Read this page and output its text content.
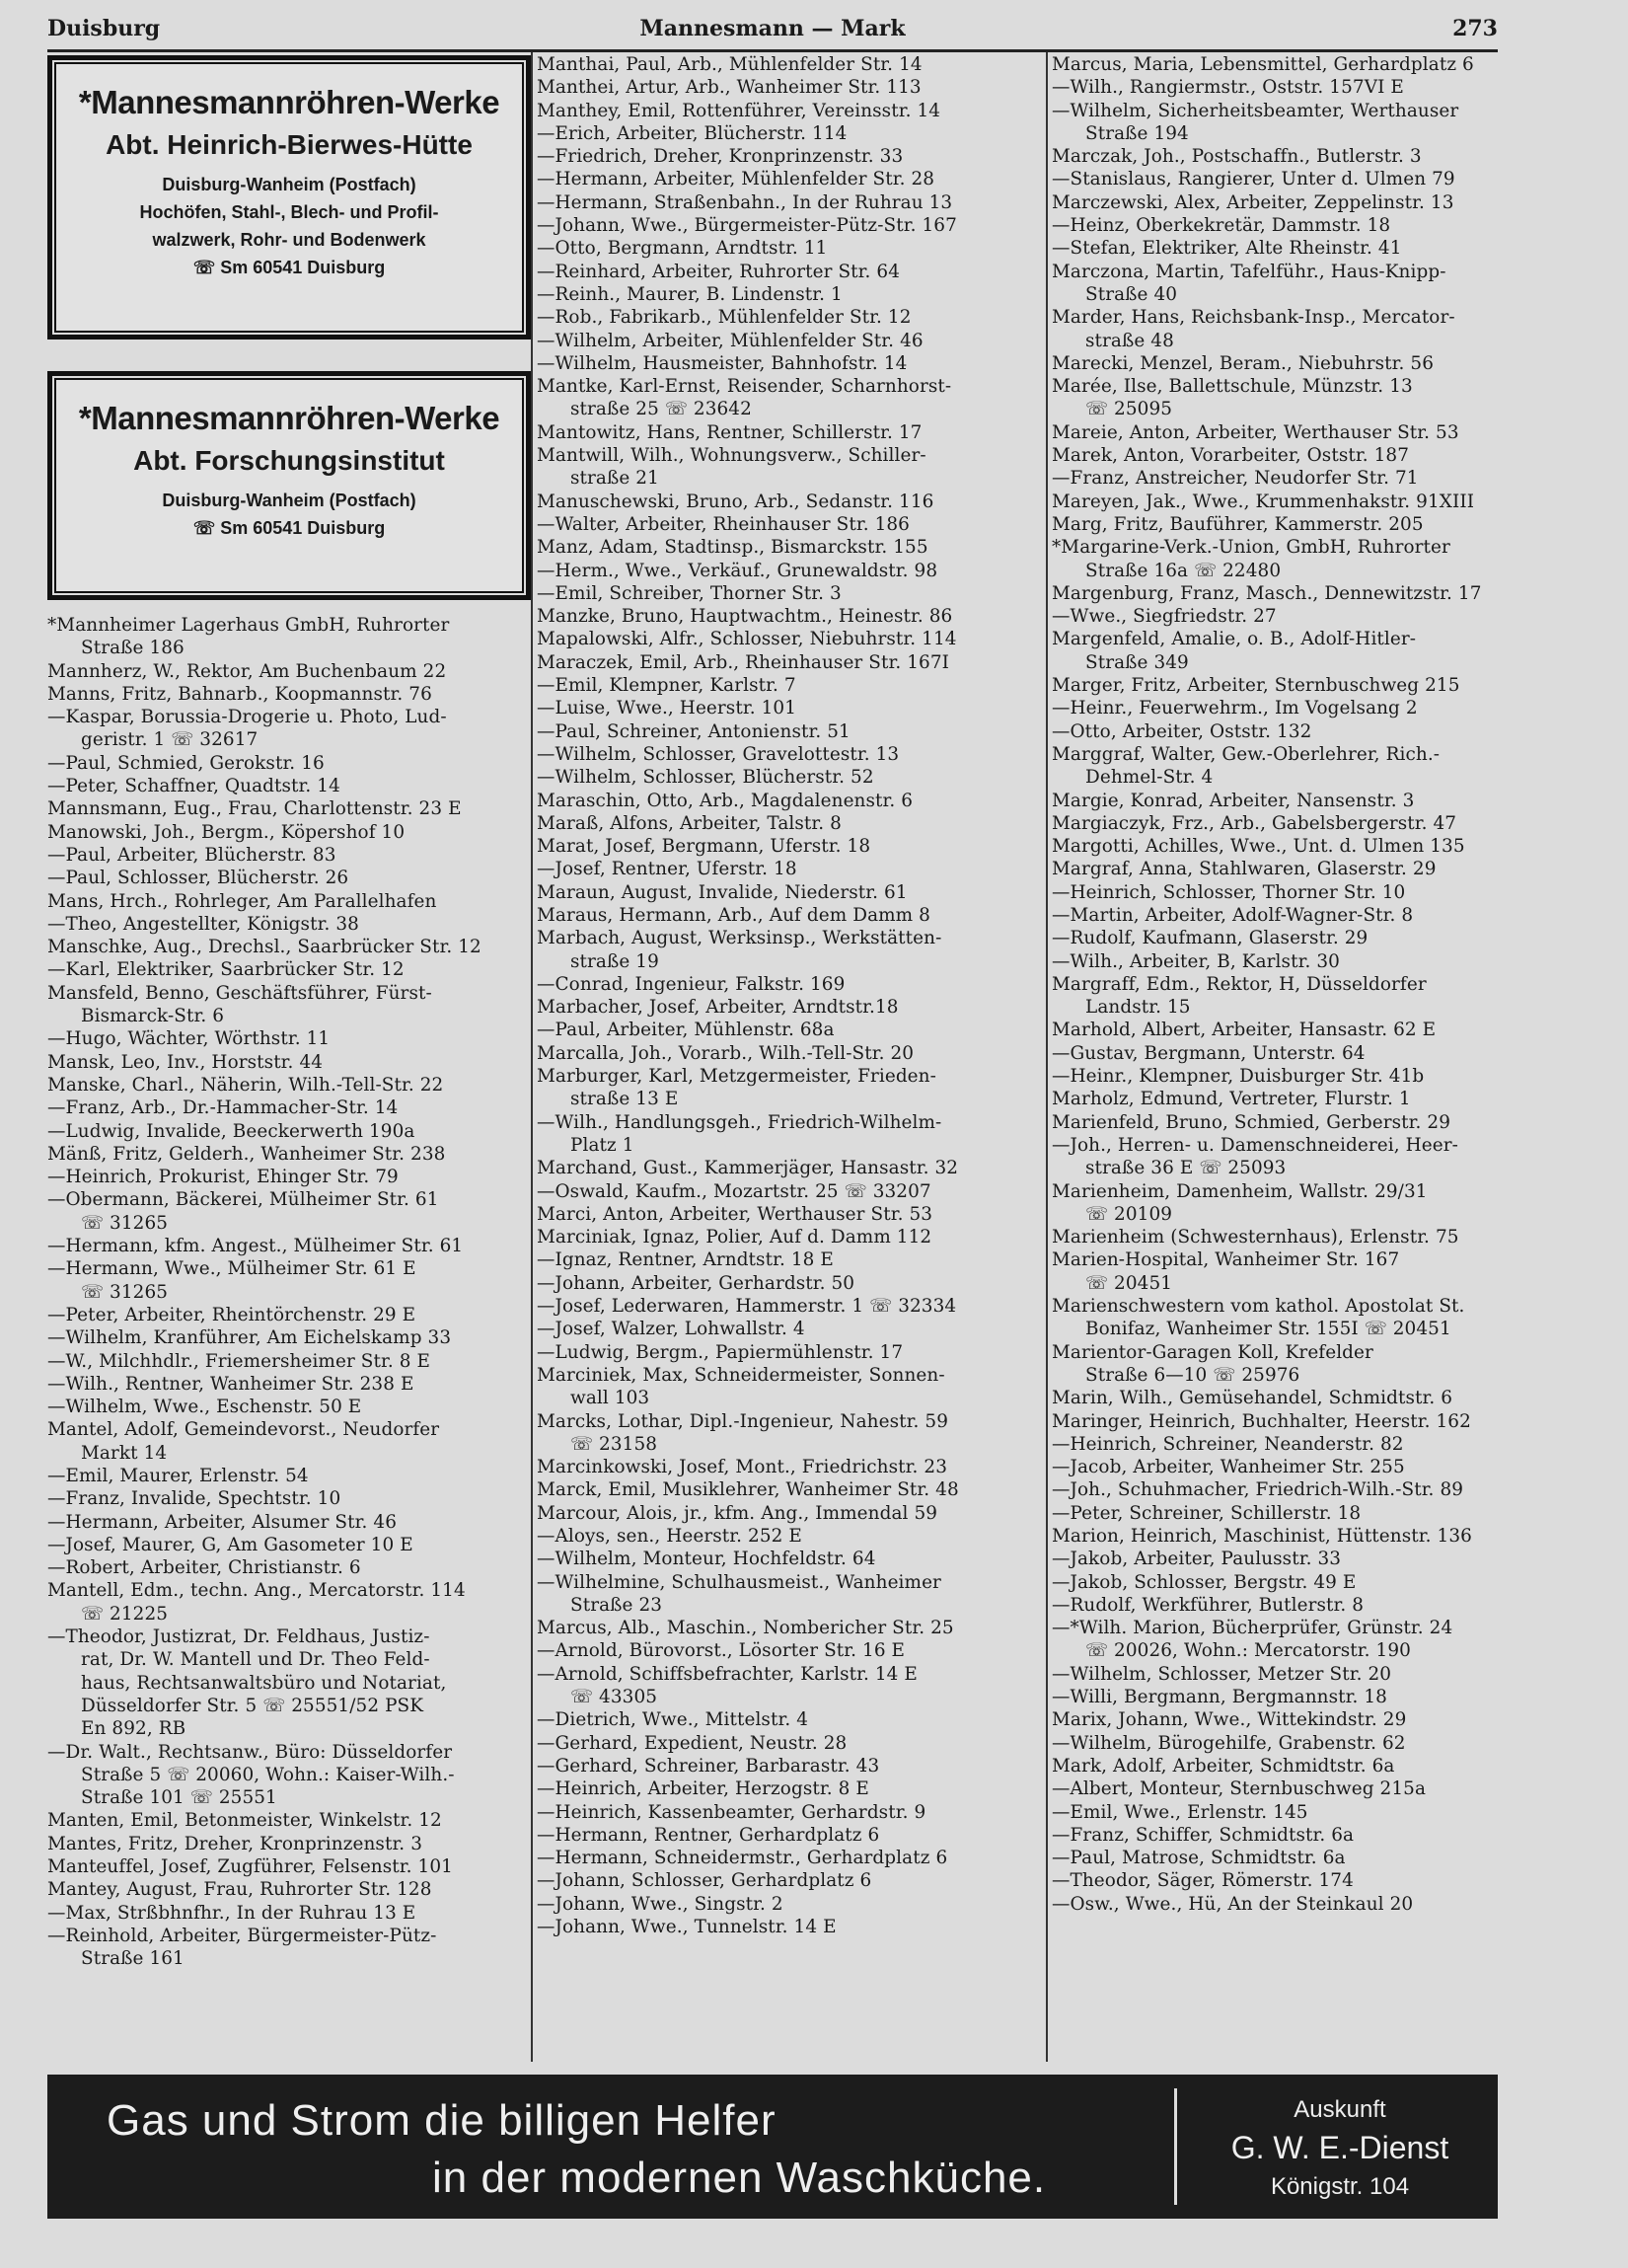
Duisburg	Mannesmann — Mark	273
*Mannesmannröhren-Werke
Abt. Heinrich-Bierwes-Hütte
Duisburg-Wanheim (Postfach)
Hochöfen, Stahl-, Blech- und Profil-
walzwerk, Rohr- und Bodenwerk
☏ Sm 60541 Duisburg
*Mannesmannröhren-Werke
Abt. Forschungsinstitut
Duisburg-Wanheim (Postfach)
☏ Sm 60541 Duisburg

*Mannheimer Lagerhaus GmbH, Ruhrorter

Straße 186

Mannherz, W., Rektor, Am Buchenbaum 22

Manns, Fritz, Bahnarb., Koopmannstr. 76

—Kaspar, Borussia-Drogerie u. Photo, Lud-

geristr. 1 ☏ 32617

—Paul, Schmied, Gerokstr. 16

—Peter, Schaffner, Quadtstr. 14

Mannsmann, Eug., Frau, Charlottenstr. 23 E

Manowski, Joh., Bergm., Köpershof 10

—Paul, Arbeiter, Blücherstr. 83

—Paul, Schlosser, Blücherstr. 26

Mans, Hrch., Rohrleger, Am Parallelhafen

—Theo, Angestellter, Königstr. 38

Manschke, Aug., Drechsl., Saarbrücker Str. 12

—Karl, Elektriker, Saarbrücker Str. 12

Mansfeld, Benno, Geschäftsführer, Fürst-

Bismarck-Str. 6

—Hugo, Wächter, Wörthstr. 11

Mansk, Leo, Inv., Horststr. 44

Manske, Charl., Näherin, Wilh.-Tell-Str. 22

—Franz, Arb., Dr.-Hammacher-Str. 14

—Ludwig, Invalide, Beeckerwerth 190a

Mänß, Fritz, Gelderh., Wanheimer Str. 238

—Heinrich, Prokurist, Ehinger Str. 79

—Obermann, Bäckerei, Mülheimer Str. 61

☏ 31265

—Hermann, kfm. Angest., Mülheimer Str. 61

—Hermann, Wwe., Mülheimer Str. 61 E

☏ 31265

—Peter, Arbeiter, Rheintörchenstr. 29 E

—Wilhelm, Kranführer, Am Eichelskamp 33

—W., Milchhdlr., Friemersheimer Str. 8 E

—Wilh., Rentner, Wanheimer Str. 238 E

—Wilhelm, Wwe., Eschenstr. 50 E

Mantel, Adolf, Gemeindevorst., Neudorfer

Markt 14

—Emil, Maurer, Erlenstr. 54

—Franz, Invalide, Spechtstr. 10

—Hermann, Arbeiter, Alsumer Str. 46

—Josef, Maurer, G, Am Gasometer 10 E

—Robert, Arbeiter, Christianstr. 6

Mantell, Edm., techn. Ang., Mercatorstr. 114

☏ 21225

—Theodor, Justizrat, Dr. Feldhaus, Justiz-

rat, Dr. W. Mantell und Dr. Theo Feld-

haus, Rechtsanwaltsbüro und Notariat,

Düsseldorfer Str. 5 ☏ 25551/52 PSK

En 892, RB

—Dr. Walt., Rechtsanw., Büro: Düsseldorfer

Straße 5 ☏ 20060, Wohn.: Kaiser-Wilh.-

Straße 101 ☏ 25551

Manten, Emil, Betonmeister, Winkelstr. 12

Mantes, Fritz, Dreher, Kronprinzenstr. 3

Manteuffel, Josef, Zugführer, Felsenstr. 101

Mantey, August, Frau, Ruhrorter Str. 128

—Max, Strßbhnfhr., In der Ruhrau 13 E

—Reinhold, Arbeiter, Bürgermeister-Pütz-

Straße 161

Manthai, Paul, Arb., Mühlenfelder Str. 14

Manthei, Artur, Arb., Wanheimer Str. 113

Manthey, Emil, Rottenführer, Vereinsstr. 14

—Erich, Arbeiter, Blücherstr. 114

—Friedrich, Dreher, Kronprinzenstr. 33

—Hermann, Arbeiter, Mühlenfelder Str. 28

—Hermann, Straßenbahn., In der Ruhrau 13

—Johann, Wwe., Bürgermeister-Pütz-Str. 167

—Otto, Bergmann, Arndtstr. 11

—Reinhard, Arbeiter, Ruhrorter Str. 64

—Reinh., Maurer, B. Lindenstr. 1

—Rob., Fabrikarb., Mühlenfelder Str. 12

—Wilhelm, Arbeiter, Mühlenfelder Str. 46

—Wilhelm, Hausmeister, Bahnhofstr. 14

Mantke, Karl-Ernst, Reisender, Scharnhorst-

straße 25 ☏ 23642

Mantowitz, Hans, Rentner, Schillerstr. 17

Mantwill, Wilh., Wohnungsverw., Schiller-

straße 21

Manuschewski, Bruno, Arb., Sedanstr. 116

—Walter, Arbeiter, Rheinhauser Str. 186

Manz, Adam, Stadtinsp., Bismarckstr. 155

—Herm., Wwe., Verkäuf., Grunewaldstr. 98

—Emil, Schreiber, Thorner Str. 3

Manzke, Bruno, Hauptwachtm., Heinestr. 86

Mapalowski, Alfr., Schlosser, Niebuhrstr. 114

Maraczek, Emil, Arb., Rheinhauser Str. 167I

—Emil, Klempner, Karlstr. 7

—Luise, Wwe., Heerstr. 101

—Paul, Schreiner, Antonienstr. 51

—Wilhelm, Schlosser, Gravelottestr. 13

—Wilhelm, Schlosser, Blücherstr. 52

Maraschin, Otto, Arb., Magdalenenstr. 6

Maraß, Alfons, Arbeiter, Talstr. 8

Marat, Josef, Bergmann, Uferstr. 18

—Josef, Rentner, Uferstr. 18

Maraun, August, Invalide, Niederstr. 61

Maraus, Hermann, Arb., Auf dem Damm 8

Marbach, August, Werksinsp., Werkstätten-

straße 19

—Conrad, Ingenieur, Falkstr. 169

Marbacher, Josef, Arbeiter, Arndtstr.18

—Paul, Arbeiter, Mühlenstr. 68a

Marcalla, Joh., Vorarb., Wilh.-Tell-Str. 20

Marburger, Karl, Metzgermeister, Frieden-

straße 13 E

—Wilh., Handlungsgeh., Friedrich-Wilhelm-

Platz 1

Marchand, Gust., Kammerjäger, Hansastr. 32

—Oswald, Kaufm., Mozartstr. 25 ☏ 33207

Marci, Anton, Arbeiter, Werthauser Str. 53

Marciniak, Ignaz, Polier, Auf d. Damm 112

—Ignaz, Rentner, Arndtstr. 18 E

—Johann, Arbeiter, Gerhardstr. 50

—Josef, Lederwaren, Hammerstr. 1 ☏ 32334

—Josef, Walzer, Lohwallstr. 4

—Ludwig, Bergm., Papiermühlenstr. 17

Marciniek, Max, Schneidermeister, Sonnen-

wall 103

Marcks, Lothar, Dipl.-Ingenieur, Nahestr. 59

☏ 23158

Marcinkowski, Josef, Mont., Friedrichstr. 23

Marck, Emil, Musiklehrer, Wanheimer Str. 48

Marcour, Alois, jr., kfm. Ang., Immendal 59

—Aloys, sen., Heerstr. 252 E

—Wilhelm, Monteur, Hochfeldstr. 64

—Wilhelmine, Schulhausmeist., Wanheimer

Straße 23

Marcus, Alb., Maschin., Nombericher Str. 25

—Arnold, Bürovorst., Lösorter Str. 16 E

—Arnold, Schiffsbefrachter, Karlstr. 14 E

☏ 43305

—Dietrich, Wwe., Mittelstr. 4

—Gerhard, Expedient, Neustr. 28

—Gerhard, Schreiner, Barbarastr. 43

—Heinrich, Arbeiter, Herzogstr. 8 E

—Heinrich, Kassenbeamter, Gerhardstr. 9

—Hermann, Rentner, Gerhardplatz 6

—Hermann, Schneidermstr., Gerhardplatz 6

—Johann, Schlosser, Gerhardplatz 6

—Johann, Wwe., Singstr. 2

—Johann, Wwe., Tunnelstr. 14 E

Marcus, Maria, Lebensmittel, Gerhardplatz 6

—Wilh., Rangiermstr., Oststr. 157VI E

—Wilhelm, Sicherheitsbeamter, Werthauser

Straße 194

Marczak, Joh., Postschaffn., Butlerstr. 3

—Stanislaus, Rangierer, Unter d. Ulmen 79

Marczewski, Alex, Arbeiter, Zeppelinstr. 13

—Heinz, Oberkekretär, Dammstr. 18

—Stefan, Elektriker, Alte Rheinstr. 41

Marczona, Martin, Tafelführ., Haus-Knipp-

Straße 40

Marder, Hans, Reichsbank-Insp., Mercator-

straße 48

Marecki, Menzel, Beram., Niebuhrstr. 56

Marée, Ilse, Ballettschule, Münzstr. 13

☏ 25095

Mareie, Anton, Arbeiter, Werthauser Str. 53

Marek, Anton, Vorarbeiter, Oststr. 187

—Franz, Anstreicher, Neudorfer Str. 71

Mareyen, Jak., Wwe., Krummenhakstr. 91XIII

Marg, Fritz, Bauführer, Kammerstr. 205

*Margarine-Verk.-Union, GmbH, Ruhrorter

Straße 16a ☏ 22480

Margenburg, Franz, Masch., Dennewitzstr. 17

—Wwe., Siegfriedstr. 27

Margenfeld, Amalie, o. B., Adolf-Hitler-

Straße 349

Marger, Fritz, Arbeiter, Sternbuschweg 215

—Heinr., Feuerwehrm., Im Vogelsang 2

—Otto, Arbeiter, Oststr. 132

Marggraf, Walter, Gew.-Oberlehrer, Rich.-

Dehmel-Str. 4

Margie, Konrad, Arbeiter, Nansenstr. 3

Margiaczyk, Frz., Arb., Gabelsbergerstr. 47

Margotti, Achilles, Wwe., Unt. d. Ulmen 135

Margraf, Anna, Stahlwaren, Glaserstr. 29

—Heinrich, Schlosser, Thorner Str. 10

—Martin, Arbeiter, Adolf-Wagner-Str. 8

—Rudolf, Kaufmann, Glaserstr. 29

—Wilh., Arbeiter, B, Karlstr. 30

Margraff, Edm., Rektor, H, Düsseldorfer

Landstr. 15

Marhold, Albert, Arbeiter, Hansastr. 62 E

—Gustav, Bergmann, Unterstr. 64

—Heinr., Klempner, Duisburger Str. 41b

Marholz, Edmund, Vertreter, Flurstr. 1

Marienfeld, Bruno, Schmied, Gerberstr. 29

—Joh., Herren- u. Damenschneiderei, Heer-

straße 36 E ☏ 25093

Marienheim, Damenheim, Wallstr. 29/31

☏ 20109

Marienheim (Schwesternhaus), Erlenstr. 75

Marien-Hospital, Wanheimer Str. 167

☏ 20451

Marienschwestern vom kathol. Apostolat St.

Bonifaz, Wanheimer Str. 155I ☏ 20451

Marientor-Garagen Koll, Krefelder

Straße 6—10 ☏ 25976

Marin, Wilh., Gemüsehandel, Schmidtstr. 6

Maringer, Heinrich, Buchhalter, Heerstr. 162

—Heinrich, Schreiner, Neanderstr. 82

—Jacob, Arbeiter, Wanheimer Str. 255

—Joh., Schuhmacher, Friedrich-Wilh.-Str. 89

—Peter, Schreiner, Schillerstr. 18

Marion, Heinrich, Maschinist, Hüttenstr. 136

—Jakob, Arbeiter, Paulusstr. 33

—Jakob, Schlosser, Bergstr. 49 E

—Rudolf, Werkführer, Butlerstr. 8

—*Wilh. Marion, Bücherprüfer, Grünstr. 24

☏ 20026, Wohn.: Mercatorstr. 190

—Wilhelm, Schlosser, Metzer Str. 20

—Willi, Bergmann, Bergmannstr. 18

Marix, Johann, Wwe., Wittekindstr. 29

—Wilhelm, Bürogehilfe, Grabenstr. 62

Mark, Adolf, Arbeiter, Schmidtstr. 6a

—Albert, Monteur, Sternbuschweg 215a

—Emil, Wwe., Erlenstr. 145

—Franz, Schiffer, Schmidtstr. 6a

—Paul, Matrose, Schmidtstr. 6a

—Theodor, Säger, Römerstr. 174

—Osw., Wwe., Hü, An der Steinkaul 20

Gas und Strom die billigen Helfer
in der modernen Waschküche.
Auskunft
G. W. E.-Dienst
Königstr. 104
